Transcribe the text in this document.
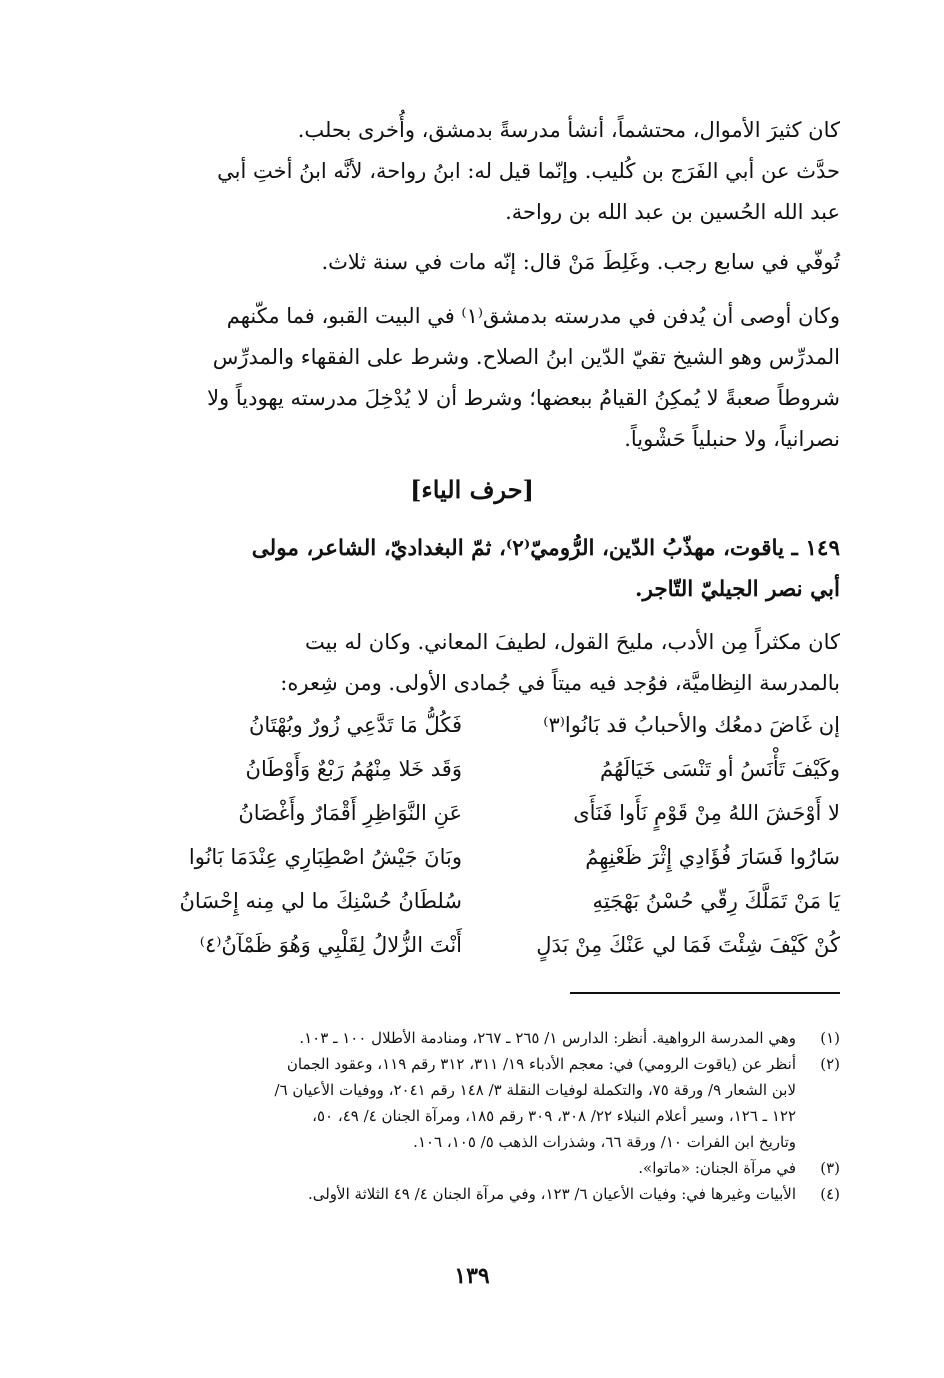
كان كثيرَ الأموال، محتشماً، أنشأ مدرسةً بدمشق، وأُخرى بحلب.
حدَّث عن أبي الفَرَج بن كُليب. وإنّما قيل له: ابنُ رواحة، لأنَّه ابنُ أختِ أبي
عبد الله الحُسين بن عبد الله بن رواحة.
تُوفّي في سابع رجب. وغَلِطَ مَنْ قال: إنّه مات في سنة ثلاث.
وكان أوصى أن يُدفن في مدرسته بدمشق⁽١⁾ في البيت القبو، فما مكّنهم
المدرِّس وهو الشيخ تقيّ الدّين ابنُ الصلاح. وشرط على الفقهاء والمدرِّس
شروطاً صعبةً لا يُمكِنُ القيامُ ببعضها؛ وشرط أن لا يُدْخِلَ مدرسته يهودياً ولا
نصرانياً، ولا حنبلياً حَشْوياً.
[حرف الياء]
١٤٩ ـ ياقوت، مهذّبُ الدّين، الرُّوميّ⁽٢⁾، ثمّ البغداديّ، الشاعر، مولى
أبي نصر الجيليّ التّاجر.
كان مكثراً مِن الأدب، مليحَ القول، لطيفَ المعاني. وكان له بيت
بالمدرسة النِظاميَّة، فوُجد فيه ميتاً في جُمادى الأولى. ومن شِعره:
إن غَاضَ دمعُك والأحبابُ قد بَانُوا⁽٣⁾
فَكُلُّ مَا تَدَّعِي زُورٌ وبُهْتَانُ
وكَيْفَ تَأْنَسُ أو تَنْسَى خَيَالَهُمُ
وَقَد خَلا مِنْهُمُ رَبْعٌ وَأَوْطَانُ
لا أَوْحَشَ اللهُ مِنْ قَوْمٍ نَأَوا فَنَأَى
عَنِ النَّوَاظِرِ أَقْمَارٌ وأَغْصَانُ
سَارُوا فَسَارَ فُؤَادِي إِثْرَ ظَعْنِهِمُ
وبَانَ جَيْشُ اصْطِبَارِي عِنْدَمَا بَانُوا
يَا مَنْ تَمَلَّكَ رِقّي حُسْنُ بَهْجَتِهِ
سُلطَانُ حُسْنِكَ ما لي مِنه إِحْسَانُ
كُنْ كَيْفَ شِئْتَ فَمَا لي عَنْكَ مِنْ بَدَلٍ
أَنْتَ الزُّلالُ لِقَلْبِي وَهُوَ ظَمْآنُ⁽٤⁾
(١)
وهي المدرسة الرواهية. أنظر: الدارس ١/ ٢٦٥ ـ ٢٦٧، ومنادمة الأطلال ١٠٠ ـ ١٠٣.
(٢)
أنظر عن (ياقوت الرومي) في: معجم الأدباء ١٩/ ٣١١، ٣١٢ رقم ١١٩، وعقود الجمان
لابن الشعار ٩/ ورقة ٧٥، والتكملة لوفيات النقلة ٣/ ١٤٨ رقم ٢٠٤١، ووفيات الأعيان ٦/
١٢٢ ـ ١٢٦، وسير أعلام النبلاء ٢٢/ ٣٠٨، ٣٠٩ رقم ١٨٥، ومرآة الجنان ٤/ ٤٩، ٥٠،
وتاريخ ابن الفرات ١٠/ ورقة ٦٦، وشذرات الذهب ٥/ ١٠٥، ١٠٦.
(٣)
في مرآة الجنان: «ماتوا».
(٤)
الأبيات وغيرها في: وفيات الأعيان ٦/ ١٢٣، وفي مرآة الجنان ٤/ ٤٩ الثلاثة الأولى.
١٣٩
